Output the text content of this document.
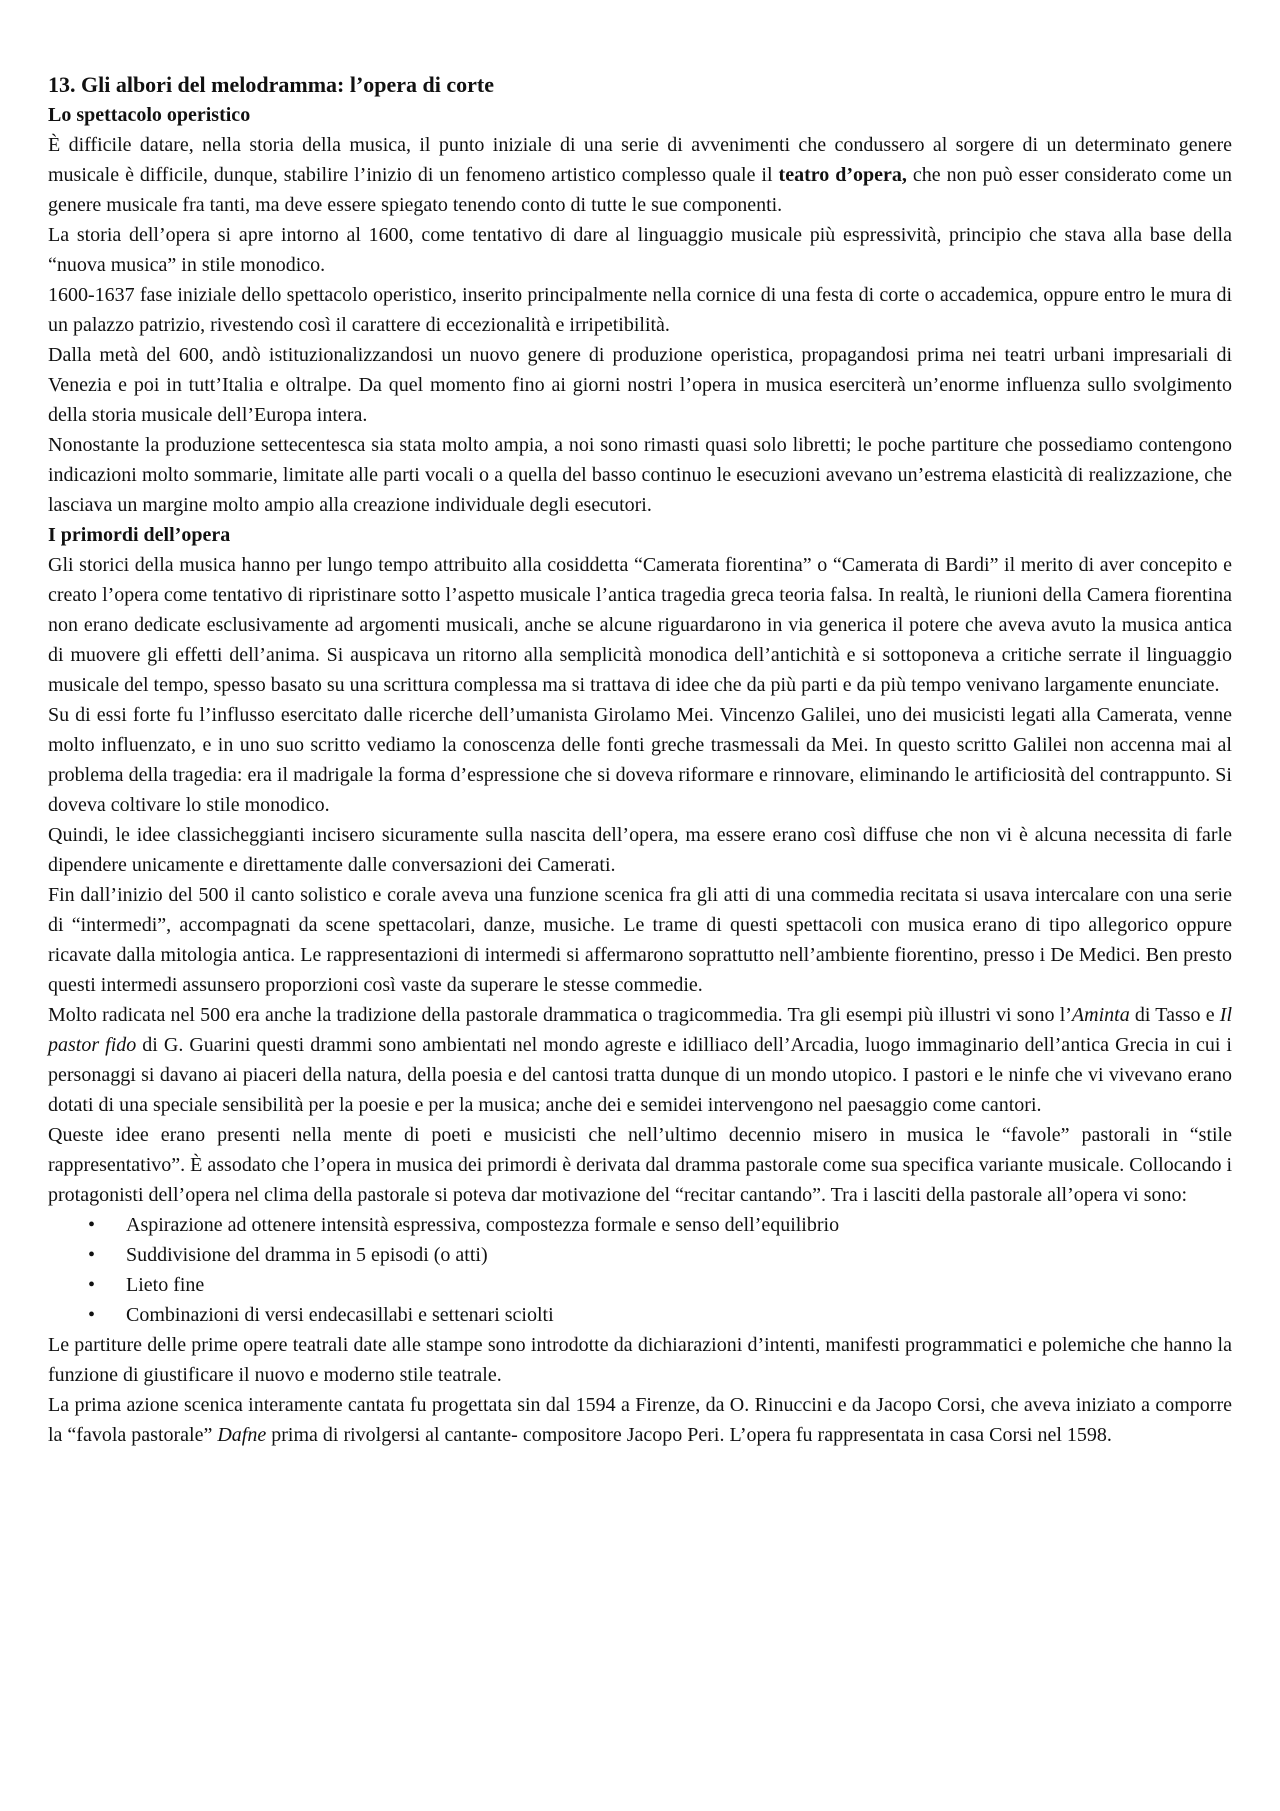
13. Gli albori del melodramma: l’opera di corte
Lo spettacolo operistico

È difficile datare, nella storia della musica, il punto iniziale di una serie di avvenimenti che condussero al sorgere di un determinato genere musicale è difficile, dunque, stabilire l’inizio di un fenomeno artistico complesso quale il teatro d’opera, che non può esser considerato come un genere musicale fra tanti, ma deve essere spiegato tenendo conto di tutte le sue componenti.

La storia dell’opera si apre intorno al 1600, come tentativo di dare al linguaggio musicale più espressività, principio che stava alla base della “nuova musica” in stile monodico.

1600-1637 fase iniziale dello spettacolo operistico, inserito principalmente nella cornice di una festa di corte o accademica, oppure entro le mura di un palazzo patrizio, rivestendo così il carattere di eccezionalità e irripetibilità.

Dalla metà del 600, andò istituzionalizzandosi un nuovo genere di produzione operistica, propagandosi prima nei teatri urbani impresariali di Venezia e poi in tutt’Italia e oltralpe. Da quel momento fino ai giorni nostri l’opera in musica eserciterà un’enorme influenza sullo svolgimento della storia musicale dell’Europa intera.

Nonostante la produzione settecentesca sia stata molto ampia, a noi sono rimasti quasi solo libretti; le poche partiture che possediamo contengono indicazioni molto sommarie, limitate alle parti vocali o a quella del basso continuo le esecuzioni avevano un’estrema elasticità di realizzazione, che lasciava un margine molto ampio alla creazione individuale degli esecutori.

I primordi dell’opera

Gli storici della musica hanno per lungo tempo attribuito alla cosiddetta “Camerata fiorentina” o “Camerata di Bardi” il merito di aver concepito e creato l’opera come tentativo di ripristinare sotto l’aspetto musicale l’antica tragedia greca teoria falsa. In realtà, le riunioni della Camera fiorentina non erano dedicate esclusivamente ad argomenti musicali, anche se alcune riguardarono in via generica il potere che aveva avuto la musica antica di muovere gli effetti dell’anima. Si auspicava un ritorno alla semplicità monodica dell’antichità e si sottoponeva a critiche serrate il linguaggio musicale del tempo, spesso basato su una scrittura complessa ma si trattava di idee che da più parti e da più tempo venivano largamente enunciate.

Su di essi forte fu l’influsso esercitato dalle ricerche dell’umanista Girolamo Mei. Vincenzo Galilei, uno dei musicisti legati alla Camerata, venne molto influenzato, e in uno suo scritto vediamo la conoscenza delle fonti greche trasmessali da Mei. In questo scritto Galilei non accenna mai al problema della tragedia: era il madrigale la forma d’espressione che si doveva riformare e rinnovare, eliminando le artificiosità del contrappunto. Si doveva coltivare lo stile monodico.

Quindi, le idee classicheggianti incisero sicuramente sulla nascita dell’opera, ma essere erano così diffuse che non vi è alcuna necessita di farle dipendere unicamente e direttamente dalle conversazioni dei Camerati.

Fin dall’inizio del 500 il canto solistico e corale aveva una funzione scenica fra gli atti di una commedia recitata si usava intercalare con una serie di “intermedi”, accompagnati da scene spettacolari, danze, musiche. Le trame di questi spettacoli con musica erano di tipo allegorico oppure ricavate dalla mitologia antica. Le rappresentazioni di intermedi si affermarono soprattutto nell’ambiente fiorentino, presso i De Medici. Ben presto questi intermedi assunsero proporzioni così vaste da superare le stesse commedie.

Molto radicata nel 500 era anche la tradizione della pastorale drammatica o tragicommedia. Tra gli esempi più illustri vi sono l’Aminta di Tasso e Il pastor fido di G. Guarini questi drammi sono ambientati nel mondo agreste e idilliaco dell’Arcadia, luogo immaginario dell’antica Grecia in cui i personaggi si davano ai piaceri della natura, della poesia e del cantosi tratta dunque di un mondo utopico. I pastori e le ninfe che vi vivevano erano dotati di una speciale sensibilità per la poesie e per la musica; anche dei e semidei intervengono nel paesaggio come cantori.

Queste idee erano presenti nella mente di poeti e musicisti che nell’ultimo decennio misero in musica le “favole” pastorali in “stile rappresentativo”. È assodato che l’opera in musica dei primordi è derivata dal dramma pastorale come sua specifica variante musicale. Collocando i protagonisti dell’opera nel clima della pastorale si poteva dar motivazione del “recitar cantando”. Tra i lasciti della pastorale all’opera vi sono:

• Aspirazione ad ottenere intensità espressiva, compostezza formale e senso dell’equilibrio
• Suddivisione del dramma in 5 episodi (o atti)
• Lieto fine
• Combinazioni di versi endecasillabi e settenari sciolti

Le partiture delle prime opere teatrali date alle stampe sono introdotte da dichiarazioni d’intenti, manifesti programmatici e polemiche che hanno la funzione di giustificare il nuovo e moderno stile teatrale.

La prima azione scenica interamente cantata fu progettata sin dal 1594 a Firenze, da O. Rinuccini e da Jacopo Corsi, che aveva iniziato a comporre la “favola pastorale” Dafne prima di rivolgersi al cantante- compositore Jacopo Peri. L’opera fu rappresentata in casa Corsi nel 1598.
